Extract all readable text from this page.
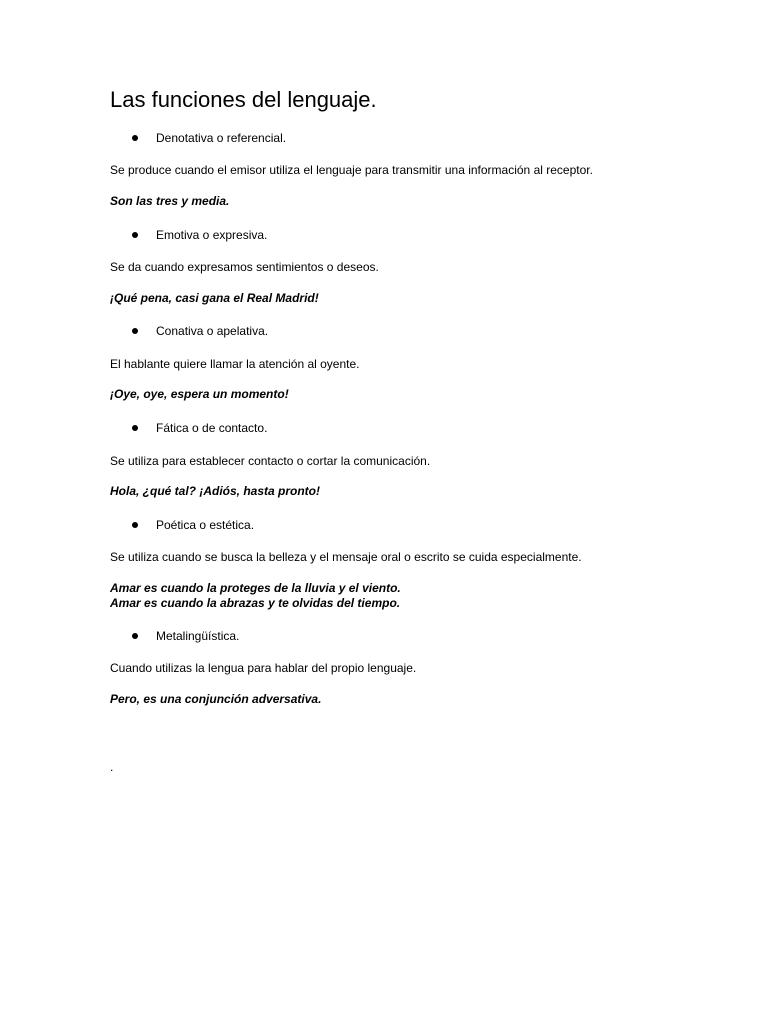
Las funciones del lenguaje.
Denotativa o referencial.

Se produce cuando el emisor utiliza el lenguaje para transmitir una información al receptor.

Son las tres y media.

Emotiva o expresiva.

Se da cuando expresamos sentimientos o deseos.

¡Qué pena, casi gana el Real Madrid!

Conativa o apelativa.

El hablante quiere llamar la atención al oyente.

¡Oye, oye, espera un momento!

Fática o de contacto.

Se utiliza para establecer contacto o cortar la comunicación.

Hola, ¿qué tal? ¡Adiós, hasta pronto!

Poética o estética.

Se utiliza cuando se busca la belleza y el mensaje oral o escrito se cuida especialmente.

Amar es cuando la proteges de la lluvia y el viento.
Amar es cuando la abrazas y te olvidas del tiempo.

Metalingüística.

Cuando utilizas la lengua para hablar del propio lenguaje.

Pero, es una conjunción adversativa.

.
